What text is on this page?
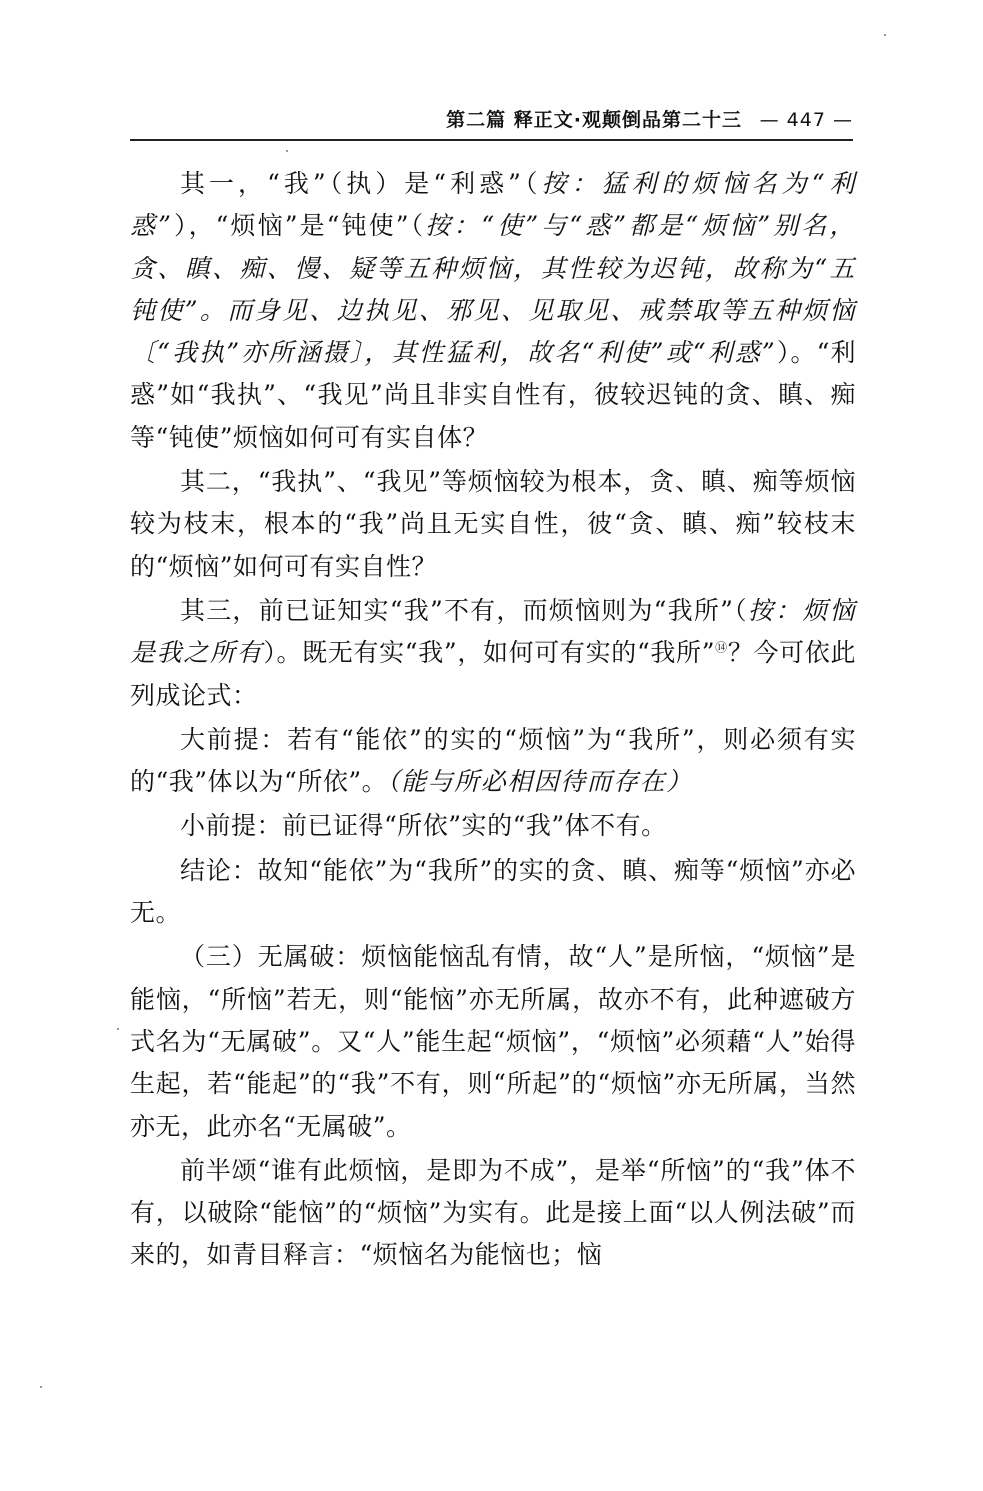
第二篇 释正文·观颠倒品第二十三 — 447 —

其一，“我”（执）是“利惑”（按：猛利的烦恼名为“利惑”），“烦恼”是“钝使”（按：“使”与“惑”都是“烦恼”别名，贪、瞋、痴、慢、疑等五种烦恼，其性较为迟钝，故称为“五钝使”。而身见、边执见、邪见、见取见、戒禁取等五种烦恼〔“我执”亦所涵摄〕，其性猛利，故名“利使”或“利惑”）。“利惑”如“我执”、“我见”尚且非实自性有，彼较迟钝的贪、瞋、痴等“钝使”烦恼如何可有实自体？

其二，“我执”、“我见”等烦恼较为根本，贪、瞋、痴等烦恼较为枝末，根本的“我”尚且无实自性，彼“贪、瞋、痴”较枝末的“烦恼”如何可有实自性？

其三，前已证知实“我”不有，而烦恼则为“我所”（按：烦恼是我之所有）。既无有实“我”，如何可有实的“我所”⑭？今可依此列成论式：

大前提：若有“能依”的实的“烦恼”为“我所”，则必须有实的“我”体以为“所依”。（能与所必相因待而存在）

小前提：前已证得“所依”实的“我”体不有。

结论：故知“能依”为“我所”的实的贪、瞋、痴等“烦恼”亦必无。

（三）无属破：烦恼能恼乱有情，故“人”是所恼，“烦恼”是能恼，“所恼”若无，则“能恼”亦无所属，故亦不有，此种遮破方式名为“无属破”。又“人”能生起“烦恼”，“烦恼”必须藉“人”始得生起，若“能起”的“我”不有，则“所起”的“烦恼”亦无所属，当然亦无，此亦名“无属破”。

前半颂“谁有此烦恼，是即为不成”，是举“所恼”的“我”体不有，以破除“能恼”的“烦恼”为实有。此是接上面“以人例法破”而来的，如青目释言：“烦恼名为能恼也；恼
